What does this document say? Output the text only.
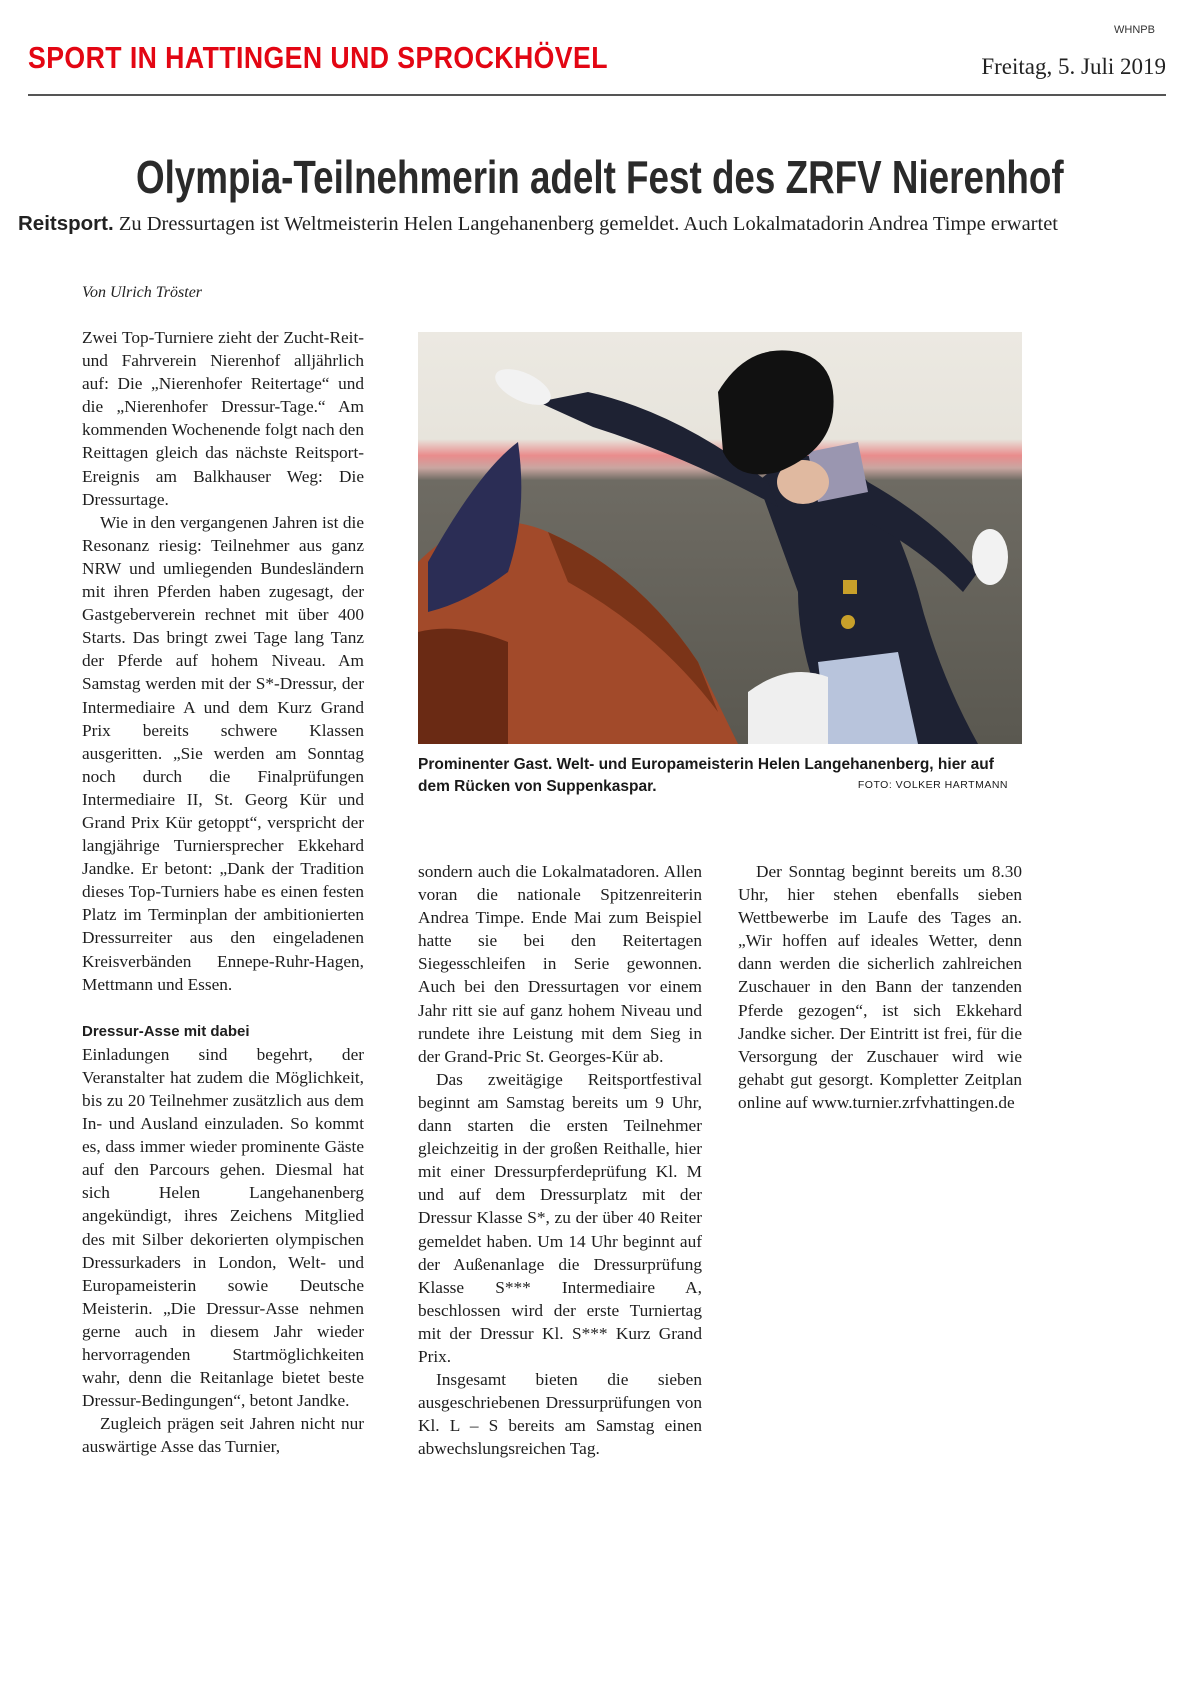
WHNPB
SPORT IN HATTINGEN UND SPROCKHÖVEL	Freitag, 5. Juli 2019
Olympia-Teilnehmerin adelt Fest des ZRFV Nierenhof
Reitsport. Zu Dressurtagen ist Weltmeisterin Helen Langehanenberg gemeldet. Auch Lokalmatadorin Andrea Timpe erwartet
Von Ulrich Tröster

Zwei Top-Turniere zieht der Zucht-Reit-und Fahrverein Nierenhof alljährlich auf: Die „Nierenhofer Reitertage“ und die „Nierenhofer Dressur-Tage.“ Am kommenden Wochenende folgt nach den Reittagen gleich das nächste Reitsport-Ereignis am Balkhauser Weg: Die Dressurtage.

Wie in den vergangenen Jahren ist die Resonanz riesig: Teilnehmer aus ganz NRW und umliegenden Bundesländern mit ihren Pferden haben zugesagt, der Gastgeberverein rechnet mit über 400 Starts. Das bringt zwei Tage lang Tanz der Pferde auf hohem Niveau. Am Samstag werden mit der S*-Dressur, der Intermediaire A und dem Kurz Grand Prix bereits schwere Klassen ausgeritten. „Sie werden am Sonntag noch durch die Finalprüfungen Intermediaire II, St. Georg Kür und Grand Prix Kür getoppt“, verspricht der langjährige Turniersprecher Ekkehard Jandke. Er betont: „Dank der Tradition dieses Top-Turniers habe es einen festen Platz im Terminplan der ambitionierten Dressurreiter aus den eingeladenen Kreisverbänden Ennepe-Ruhr-Hagen, Mettmann und Essen.

Dressur-Asse mit dabei

Einladungen sind begehrt, der Veranstalter hat zudem die Möglichkeit, bis zu 20 Teilnehmer zusätzlich aus dem In- und Ausland einzuladen. So kommt es, dass immer wieder prominente Gäste auf den Parcours gehen. Diesmal hat sich Helen Langehanenberg angekündigt, ihres Zeichens Mitglied des mit Silber dekorierten olympischen Dressurkaders in London, Welt- und Europameisterin sowie Deutsche Meisterin. „Die Dressur-Asse nehmen gerne auch in diesem Jahr wieder hervorragenden Startmöglichkeiten wahr, denn die Reitanlage bietet beste Dressur-Bedingungen“, betont Jandke.

Zugleich prägen seit Jahren nicht nur auswärtige Asse das Turnier,

Prominenter Gast. Welt- und Europameisterin Helen Langehanenberg, hier auf dem Rücken von Suppenkaspar.	FOTO: VOLKER HARTMANN

sondern auch die Lokalmatadoren. Allen voran die nationale Spitzenreiterin Andrea Timpe. Ende Mai zum Beispiel hatte sie bei den Reitertagen Siegesschleifen in Serie gewonnen. Auch bei den Dressurtagen vor einem Jahr ritt sie auf ganz hohem Niveau und rundete ihre Leistung mit dem Sieg in der Grand-Pric St. Georges-Kür ab.

Das zweitägige Reitsportfestival beginnt am Samstag bereits um 9 Uhr, dann starten die ersten Teilnehmer gleichzeitig in der großen Reithalle, hier mit einer Dressurpferdeprüfung Kl. M und auf dem Dressurplatz mit der Dressur Klasse S*, zu der über 40 Reiter gemeldet haben. Um 14 Uhr beginnt auf der Außenanlage die Dressurprüfung Klasse S*** Intermediaire A, beschlossen wird der erste Turniertag mit der Dressur Kl. S*** Kurz Grand Prix.

Insgesamt bieten die sieben ausgeschriebenen Dressurprüfungen von Kl. L – S bereits am Samstag einen abwechslungsreichen Tag.

Der Sonntag beginnt bereits um 8.30 Uhr, hier stehen ebenfalls sieben Wettbewerbe im Laufe des Tages an. „Wir hoffen auf ideales Wetter, denn dann werden die sicherlich zahlreichen Zuschauer in den Bann der tanzenden Pferde gezogen“, ist sich Ekkehard Jandke sicher. Der Eintritt ist frei, für die Versorgung der Zuschauer wird wie gehabt gut gesorgt. Kompletter Zeitplan online auf www.turnier.zrfvhattingen.de
